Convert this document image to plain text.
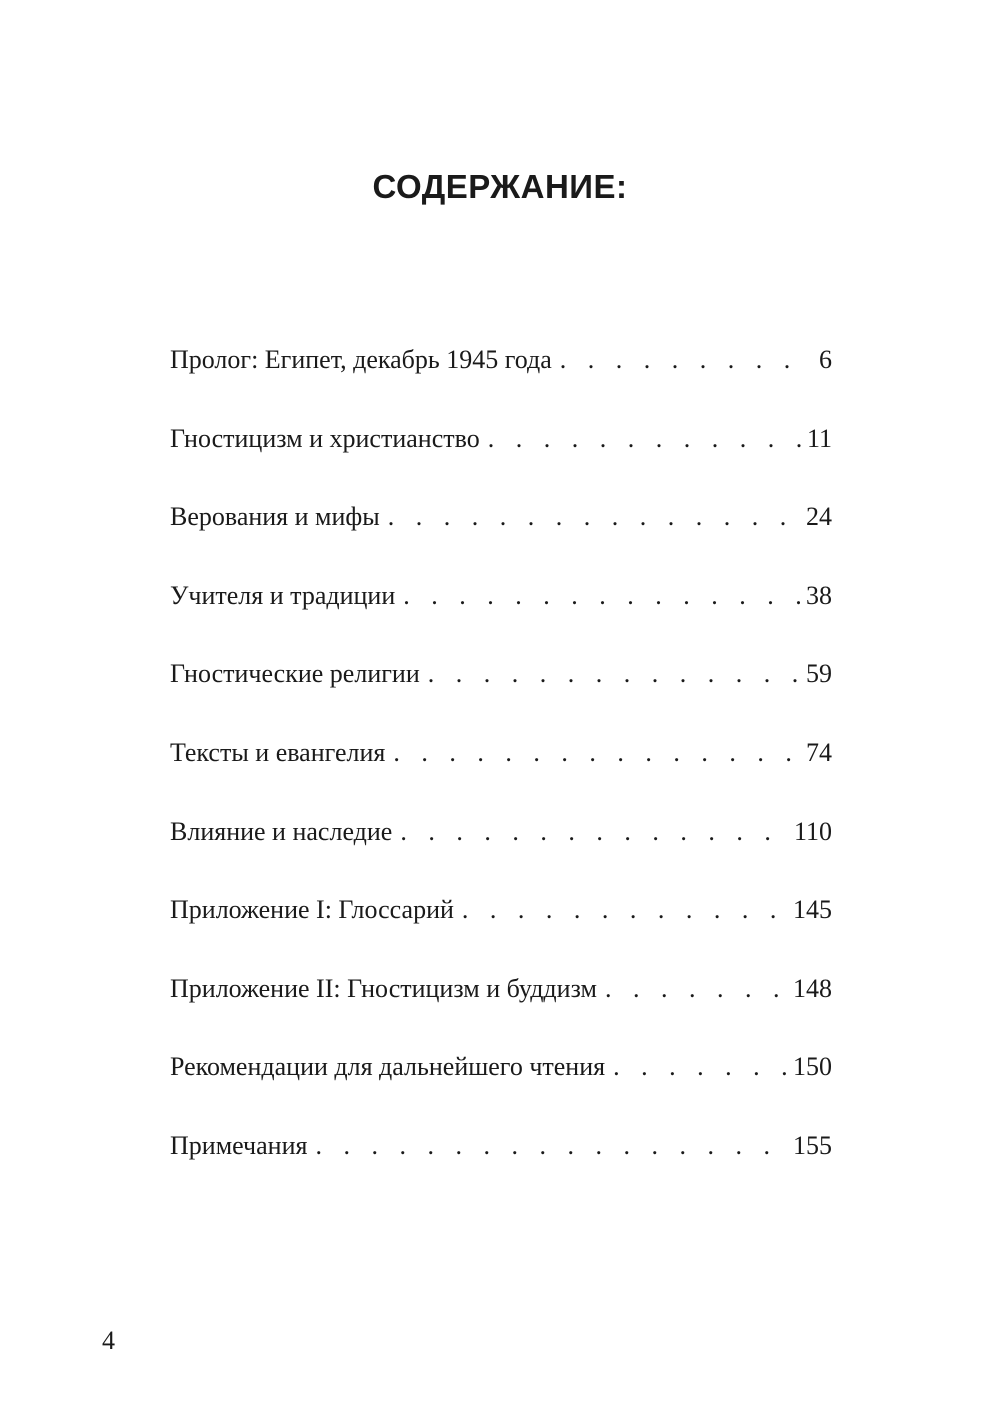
СОДЕРЖАНИЕ:
Пролог: Египет, декабрь 1945 года . . .	6
Гностицизм и христианство . . .	11
Верования и мифы . . .	24
Учителя и традиции . . .	38
Гностические религии . . .	59
Тексты и евангелия . . .	74
Влияние и наследие . . .	110
Приложение I: Глоссарий . . .	145
Приложение II: Гностицизм и буддизм . . .	148
Рекомендации для дальнейшего чтения . . .	150
Примечания . . .	155
4
